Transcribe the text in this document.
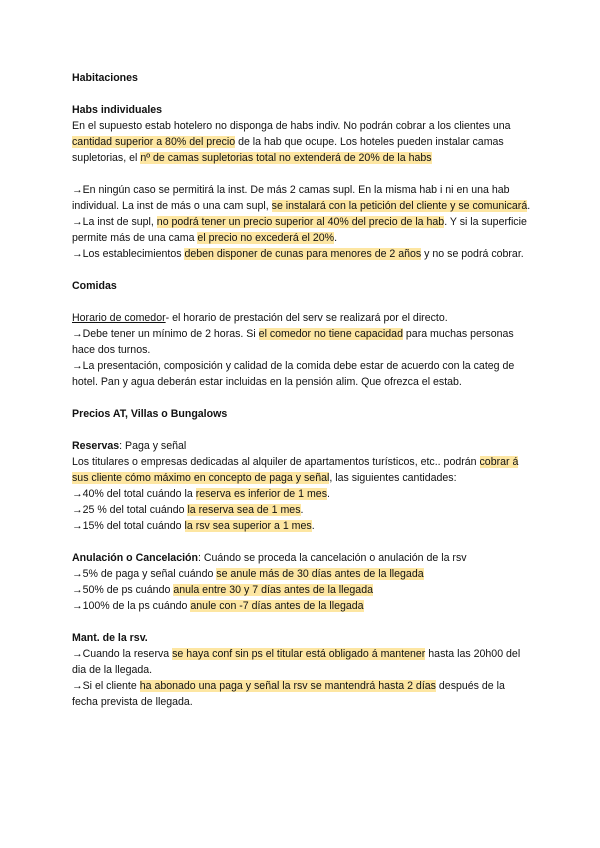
Habitaciones

Habs individuales

En el supuesto estab hotelero no disponga de habs indiv. No podrán cobrar a los clientes una cantidad superior a 80% del precio de la hab que ocupe. Los hoteles pueden instalar camas supletorias, el nº de camas supletorias total no extenderá de 20% de la habs

→En ningún caso se permitirá la inst. De más 2 camas supl. En la misma hab i ni en una hab individual. La inst de más o una cam supl, se instalará con la petición del cliente y se comunicará.

→La inst de supl, no podrá tener un precio superior al 40% del precio de la hab. Y si la superficie permite más de una cama el precio no excederá el 20%.

→Los establecimientos deben disponer de cunas para menores de 2 años y no se podrá cobrar.

Comidas

Horario de comedor- el horario de prestación del serv se realizará por el directo.

→Debe tener un mínimo de 2 horas. Si el comedor no tiene capacidad para muchas personas hace dos turnos.

→La presentación, composición y calidad de la comida debe estar de acuerdo con la categ de hotel. Pan y agua deberán estar incluidas en la pensión alim. Que ofrezca el estab.

Precios AT, Villas o Bungalows

Reservas: Paga y señal

Los titulares o empresas dedicadas al alquiler de apartamentos turísticos, etc.. podrán cobrar á sus cliente cómo máximo en concepto de paga y señal, las siguientes cantidades:

→40% del total cuándo la reserva es inferior de 1 mes.

→25 % del total cuándo la reserva sea de 1 mes.

→15% del total cuándo la rsv sea superior a 1 mes.

Anulación o Cancelación: Cuándo se proceda la cancelación o anulación de la rsv

→5% de paga y señal cuándo se anule más de 30 días antes de la llegada

→50% de ps cuándo anula entre 30 y 7 días antes de la llegada

→100% de la ps cuándo anule con -7 días antes de la llegada

Mant. de la rsv.

→Cuando la reserva se haya conf sin ps el titular está obligado á mantener hasta las 20h00 del dia de la llegada.

→Si el cliente ha abonado una paga y señal la rsv se mantendrá hasta 2 días después de la fecha prevista de llegada.
